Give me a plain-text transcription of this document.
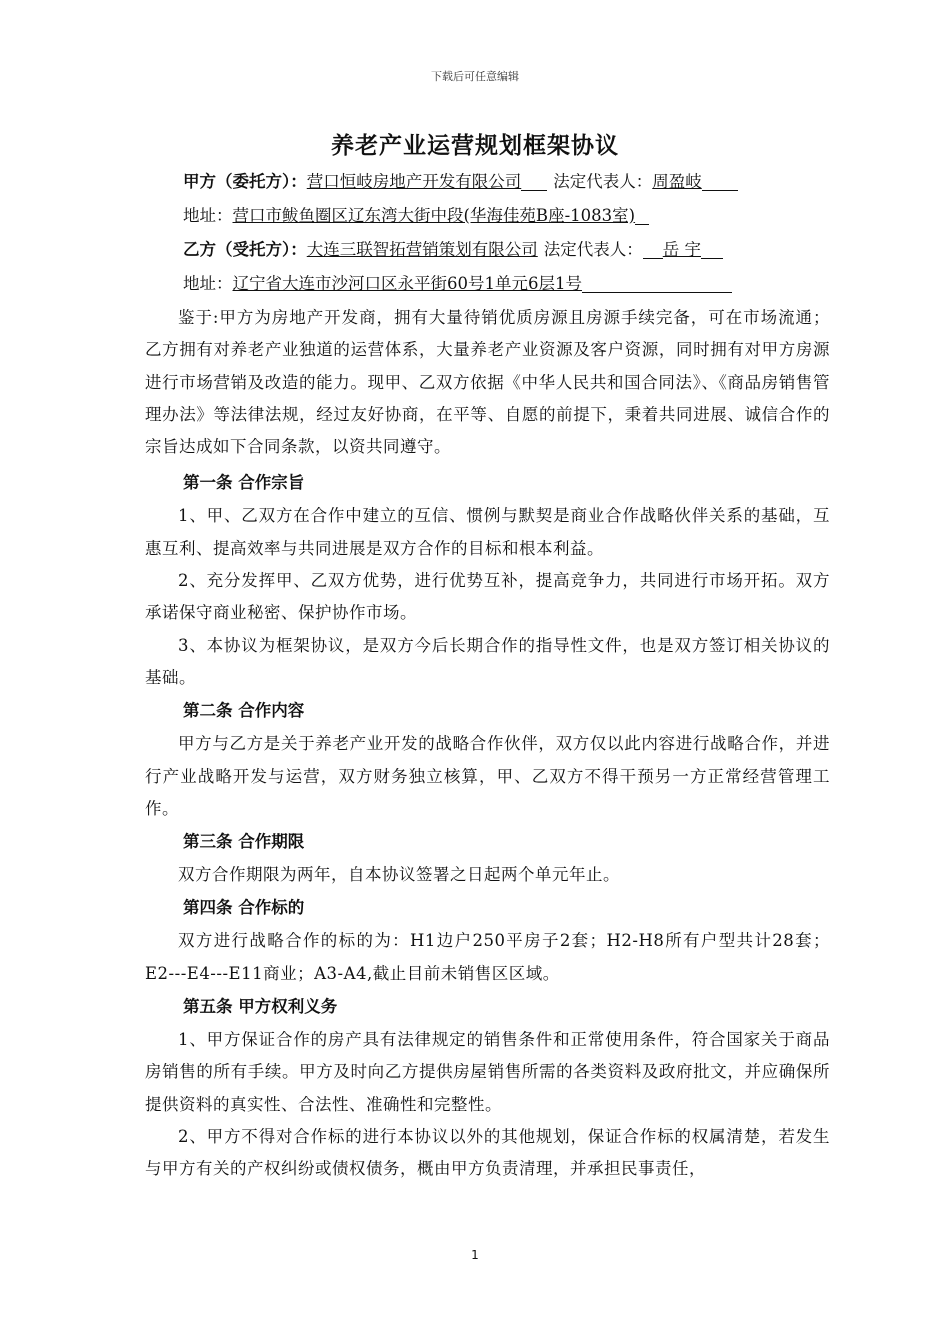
下载后可任意编辑
养老产业运营规划框架协议
甲方（委托方）：营口恒岐房地产开发有限公司 法定代表人：周盈岐
地址：营口市鲅鱼圈区辽东湾大街中段(华海佳苑B座-1083室)
乙方（受托方）：大连三联智拓营销策划有限公司 法定代表人： 岳 宇
地址：辽宁省大连市沙河口区永平街60号1单元6层1号

鉴于:甲方为房地产开发商，拥有大量待销优质房源且房源手续完备，可在市场流通；乙方拥有对养老产业独道的运营体系，大量养老产业资源及客户资源，同时拥有对甲方房源进行市场营销及改造的能力。现甲、乙双方依据《中华人民共和国合同法》、《商品房销售管理办法》等法律法规，经过友好协商，在平等、自愿的前提下，秉着共同进展、诚信合作的宗旨达成如下合同条款，以资共同遵守。

第一条 合作宗旨

1、甲、乙双方在合作中建立的互信、惯例与默契是商业合作战略伙伴关系的基础，互惠互利、提高效率与共同进展是双方合作的目标和根本利益。

2、充分发挥甲、乙双方优势，进行优势互补，提高竞争力，共同进行市场开拓。双方承诺保守商业秘密、保护协作市场。

3、本协议为框架协议，是双方今后长期合作的指导性文件，也是双方签订相关协议的基础。

第二条 合作内容

甲方与乙方是关于养老产业开发的战略合作伙伴，双方仅以此内容进行战略合作，并进行产业战略开发与运营，双方财务独立核算，甲、乙双方不得干预另一方正常经营管理工作。

第三条 合作期限

双方合作期限为两年，自本协议签署之日起两个单元年止。

第四条 合作标的

双方进行战略合作的标的为：H1边户250平房子2套；H2-H8所有户型共计28套；E2---E4---E11商业；A3-A4,截止目前未销售区区域。

第五条 甲方权利义务

1、甲方保证合作的房产具有法律规定的销售条件和正常使用条件，符合国家关于商品房销售的所有手续。甲方及时向乙方提供房屋销售所需的各类资料及政府批文，并应确保所提供资料的真实性、合法性、准确性和完整性。

2、甲方不得对合作标的进行本协议以外的其他规划，保证合作标的权属清楚，若发生与甲方有关的产权纠纷或债权债务，概由甲方负责清理，并承担民事责任，

1
